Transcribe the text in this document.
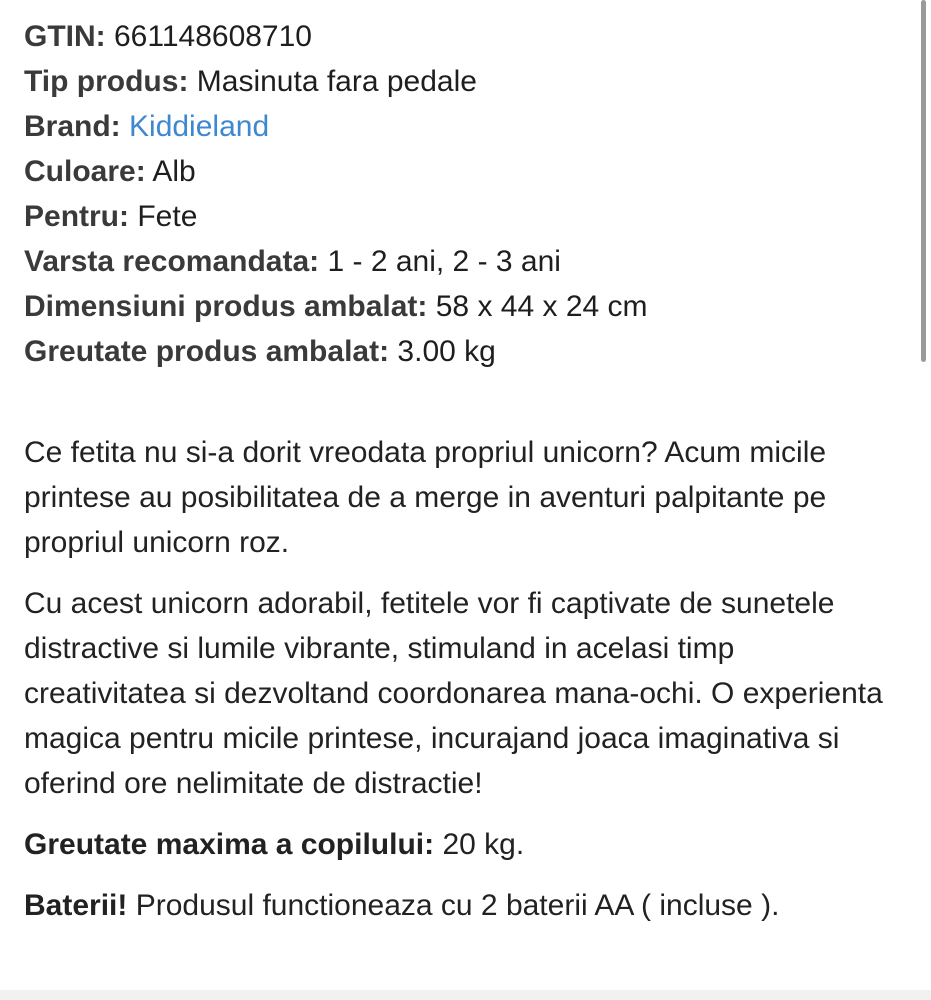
GTIN: 661148608710
Tip produs: Masinuta fara pedale
Brand: Kiddieland
Culoare: Alb
Pentru: Fete
Varsta recomandata: 1 - 2 ani, 2 - 3 ani
Dimensiuni produs ambalat: 58 x 44 x 24 cm
Greutate produs ambalat: 3.00 kg

Ce fetita nu si-a dorit vreodata propriul unicorn? Acum micile printese au posibilitatea de a merge in aventuri palpitante pe propriul unicorn roz.

Cu acest unicorn adorabil, fetitele vor fi captivate de sunetele distractive si lumile vibrante, stimuland in acelasi timp creativitatea si dezvoltand coordonarea mana-ochi. O experienta magica pentru micile printese, incurajand joaca imaginativa si oferind ore nelimitate de distractie!

Greutate maxima a copilului: 20 kg.

Baterii! Produsul functioneaza cu 2 baterii AA ( incluse ).
